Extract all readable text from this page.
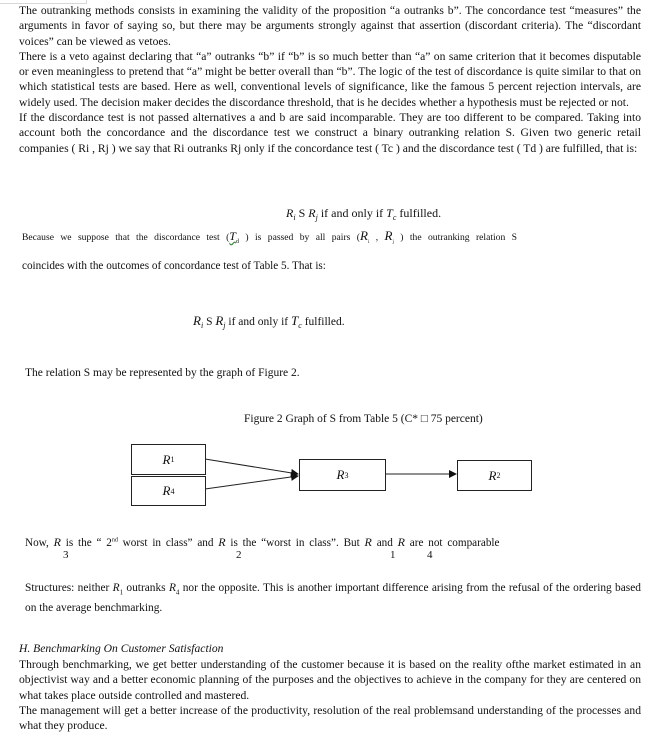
The outranking methods consists in examining the validity of the proposition “a outranks b”. The concordance test “measures” the arguments in favor of saying so, but there may be arguments strongly against that assertion (discordant criteria). The “discordant voices” can be viewed as vetoes.

There is a veto against declaring that “a” outranks “b” if “b” is so much better than “a” on same criterion that it becomes disputable or even meaningless to pretend that “a” might be better overall than “b”. The logic of the test of discordance is quite similar to that on which statistical tests are based. Here as well, conventional levels of significance, like the famous 5 percent rejection intervals, are widely used. The decision maker decides the discordance threshold, that is he decides whether a hypothesis must be rejected or not.

If the discordance test is not passed alternatives a and b are said incomparable. They are too different to be compared. Taking into account both the concordance and the discordance test we construct a binary outranking relation S. Given two generic retail companies ( Ri , Rj ) we say that Ri outranks Rj only if the concordance test ( Tc ) and the discordance test ( Td ) are fulfilled, that is:

$R_i$ S $R_j$ if and only if $T_c$ fulfilled.
Because we suppose that the discordance test ($T_d$ ) is passed by all pairs ($R_i$ , $R_j$ ) the outranking relation S
coincides with the outcomes of concordance test of Table 5. That is:
$R_i$ S $R_j$ if and only if $T_c$ fulfilled.
The relation S may be represented by the graph of Figure 2.
Figure 2 Graph of S from Table 5 (C* □ 75 percent)
R 1
R 4
R 3	R 2
Now, R is the “ 2nd worst in class” and R is the “worst in class”. But R and R are not comparable
3	2	1	4
Structures: neither $R_1$ outranks $R_4$ nor the opposite. This is another important difference arising from the refusal of the ordering based on the average benchmarking.
H. Benchmarking On Customer Satisfaction

Through benchmarking, we get better understanding of the customer because it is based on the reality ofthe market estimated in an objectivist way and a better economic planning of the purposes and the objectives to achieve in the company for they are centered on what takes place outside controlled and mastered.

The management will get a better increase of the productivity, resolution of the real problemsand understanding of the processes and what they produce.
